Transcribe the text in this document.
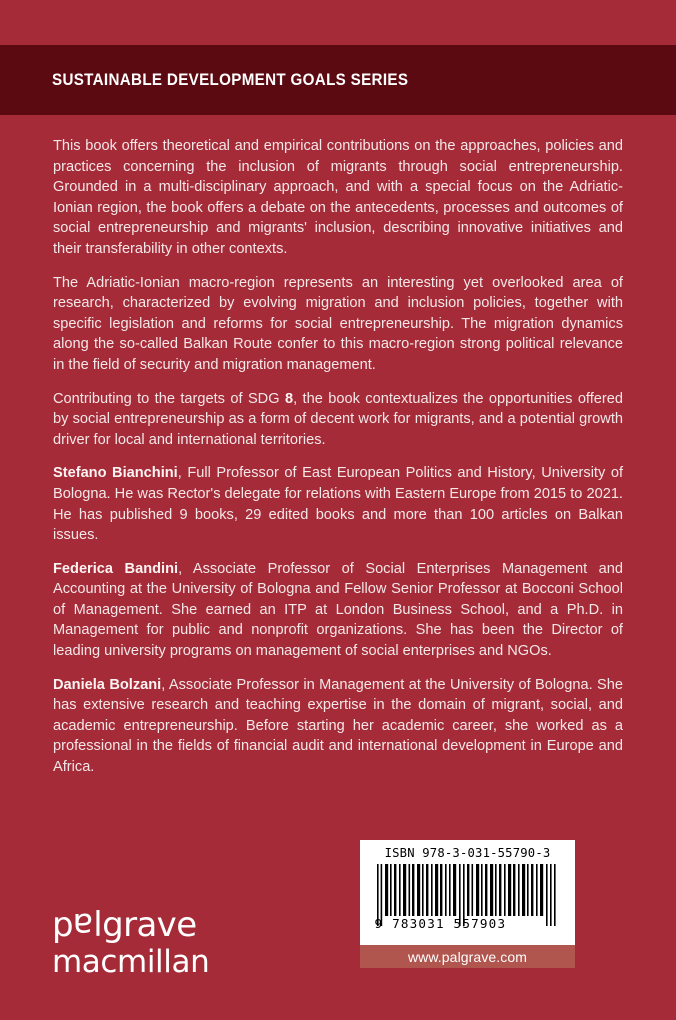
SUSTAINABLE DEVELOPMENT GOALS SERIES

This book offers theoretical and empirical contributions on the approaches, policies and practices concerning the inclusion of migrants through social entrepreneurship. Grounded in a multi-disciplinary approach, and with a special focus on the Adriatic-Ionian region, the book offers a debate on the antecedents, processes and outcomes of social entrepreneurship and migrants' inclusion, describing innovative initiatives and their transferability in other contexts.

The Adriatic-Ionian macro-region represents an interesting yet overlooked area of research, characterized by evolving migration and inclusion policies, together with specific legislation and reforms for social entrepreneurship. The migration dynamics along the so-called Balkan Route confer to this macro-region strong political relevance in the field of security and migration management.

Contributing to the targets of SDG 8, the book contextualizes the opportunities offered by social entrepreneurship as a form of decent work for migrants, and a potential growth driver for local and international territories.

Stefano Bianchini, Full Professor of East European Politics and History, University of Bologna. He was Rector's delegate for relations with Eastern Europe from 2015 to 2021. He has published 9 books, 29 edited books and more than 100 articles on Balkan issues.

Federica Bandini, Associate Professor of Social Enterprises Management and Accounting at the University of Bologna and Fellow Senior Professor at Bocconi School of Management. She earned an ITP at London Business School, and a Ph.D. in Management for public and nonprofit organizations. She has been the Director of leading university programs on management of social enterprises and NGOs.

Daniela Bolzani, Associate Professor in Management at the University of Bologna. She has extensive research and teaching expertise in the domain of migrant, social, and academic entrepreneurship. Before starting her academic career, she worked as a professional in the fields of financial audit and international development in Europe and Africa.

palgrave
macmillan
ISBN 978-3-031-55790-3
9 783031 557903
www.palgrave.com
